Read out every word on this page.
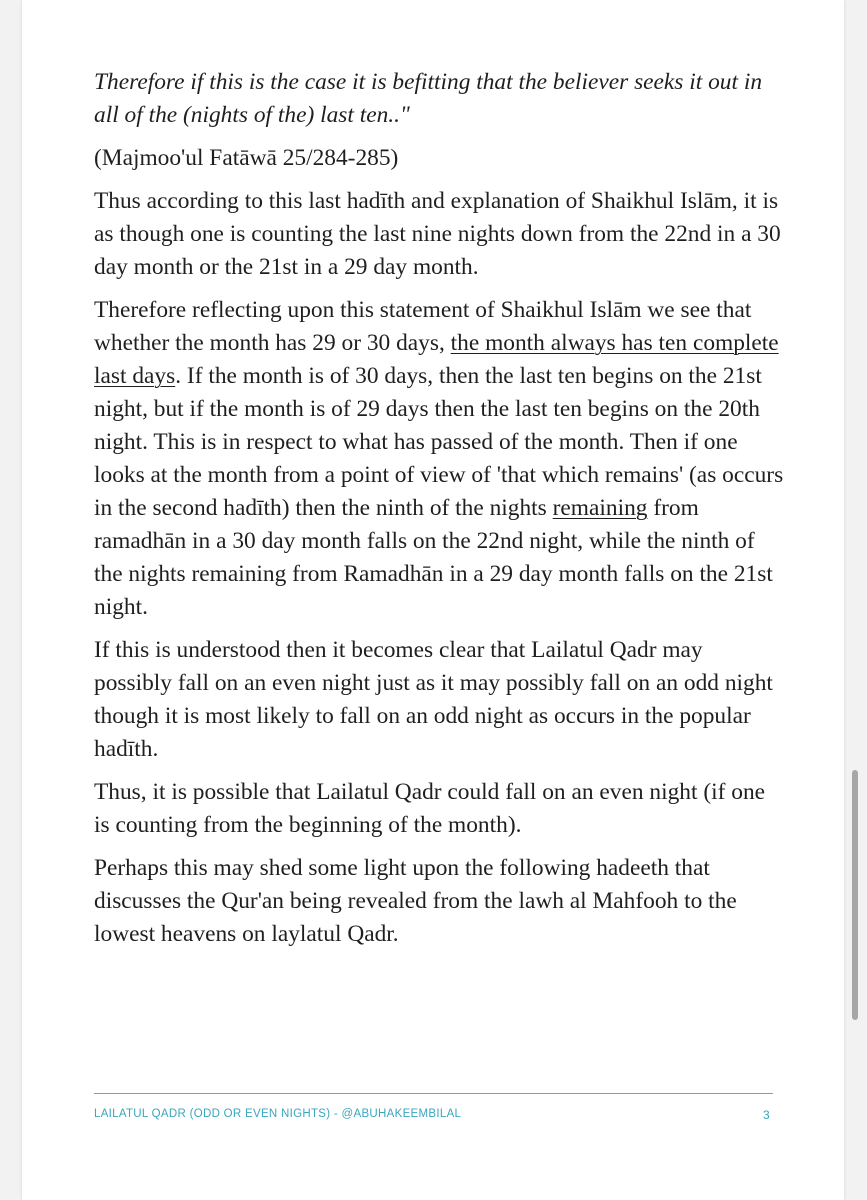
Therefore if this is the case it is befitting that the believer seeks it out in all of the (nights of the) last ten.."

(Majmoo'ul Fatāwā 25/284-285)

Thus according to this last hadīth and explanation of Shaikhul Islām, it is as though one is counting the last nine nights down from the 22nd in a 30 day month or the 21st in a 29 day month.

Therefore reflecting upon this statement of Shaikhul Islām we see that whether the month has 29 or 30 days, the month always has ten complete last days. If the month is of 30 days, then the last ten begins on the 21st night, but if the month is of 29 days then the last ten begins on the 20th night. This is in respect to what has passed of the month. Then if one looks at the month from a point of view of 'that which remains' (as occurs in the second hadīth) then the ninth of the nights remaining from ramadhān in a 30 day month falls on the 22nd night, while the ninth of the nights remaining from Ramadhān in a 29 day month falls on the 21st night.

If this is understood then it becomes clear that Lailatul Qadr may possibly fall on an even night just as it may possibly fall on an odd night though it is most likely to fall on an odd night as occurs in the popular hadīth.

Thus, it is possible that Lailatul Qadr could fall on an even night (if one is counting from the beginning of the month).

Perhaps this may shed some light upon the following hadeeth that discusses the Qur'an being revealed from the lawh al Mahfooh to the lowest heavens on laylatul Qadr.

LAILATUL QADR (ODD OR EVEN NIGHTS) - @ABUHAKEEMBILAL	3
